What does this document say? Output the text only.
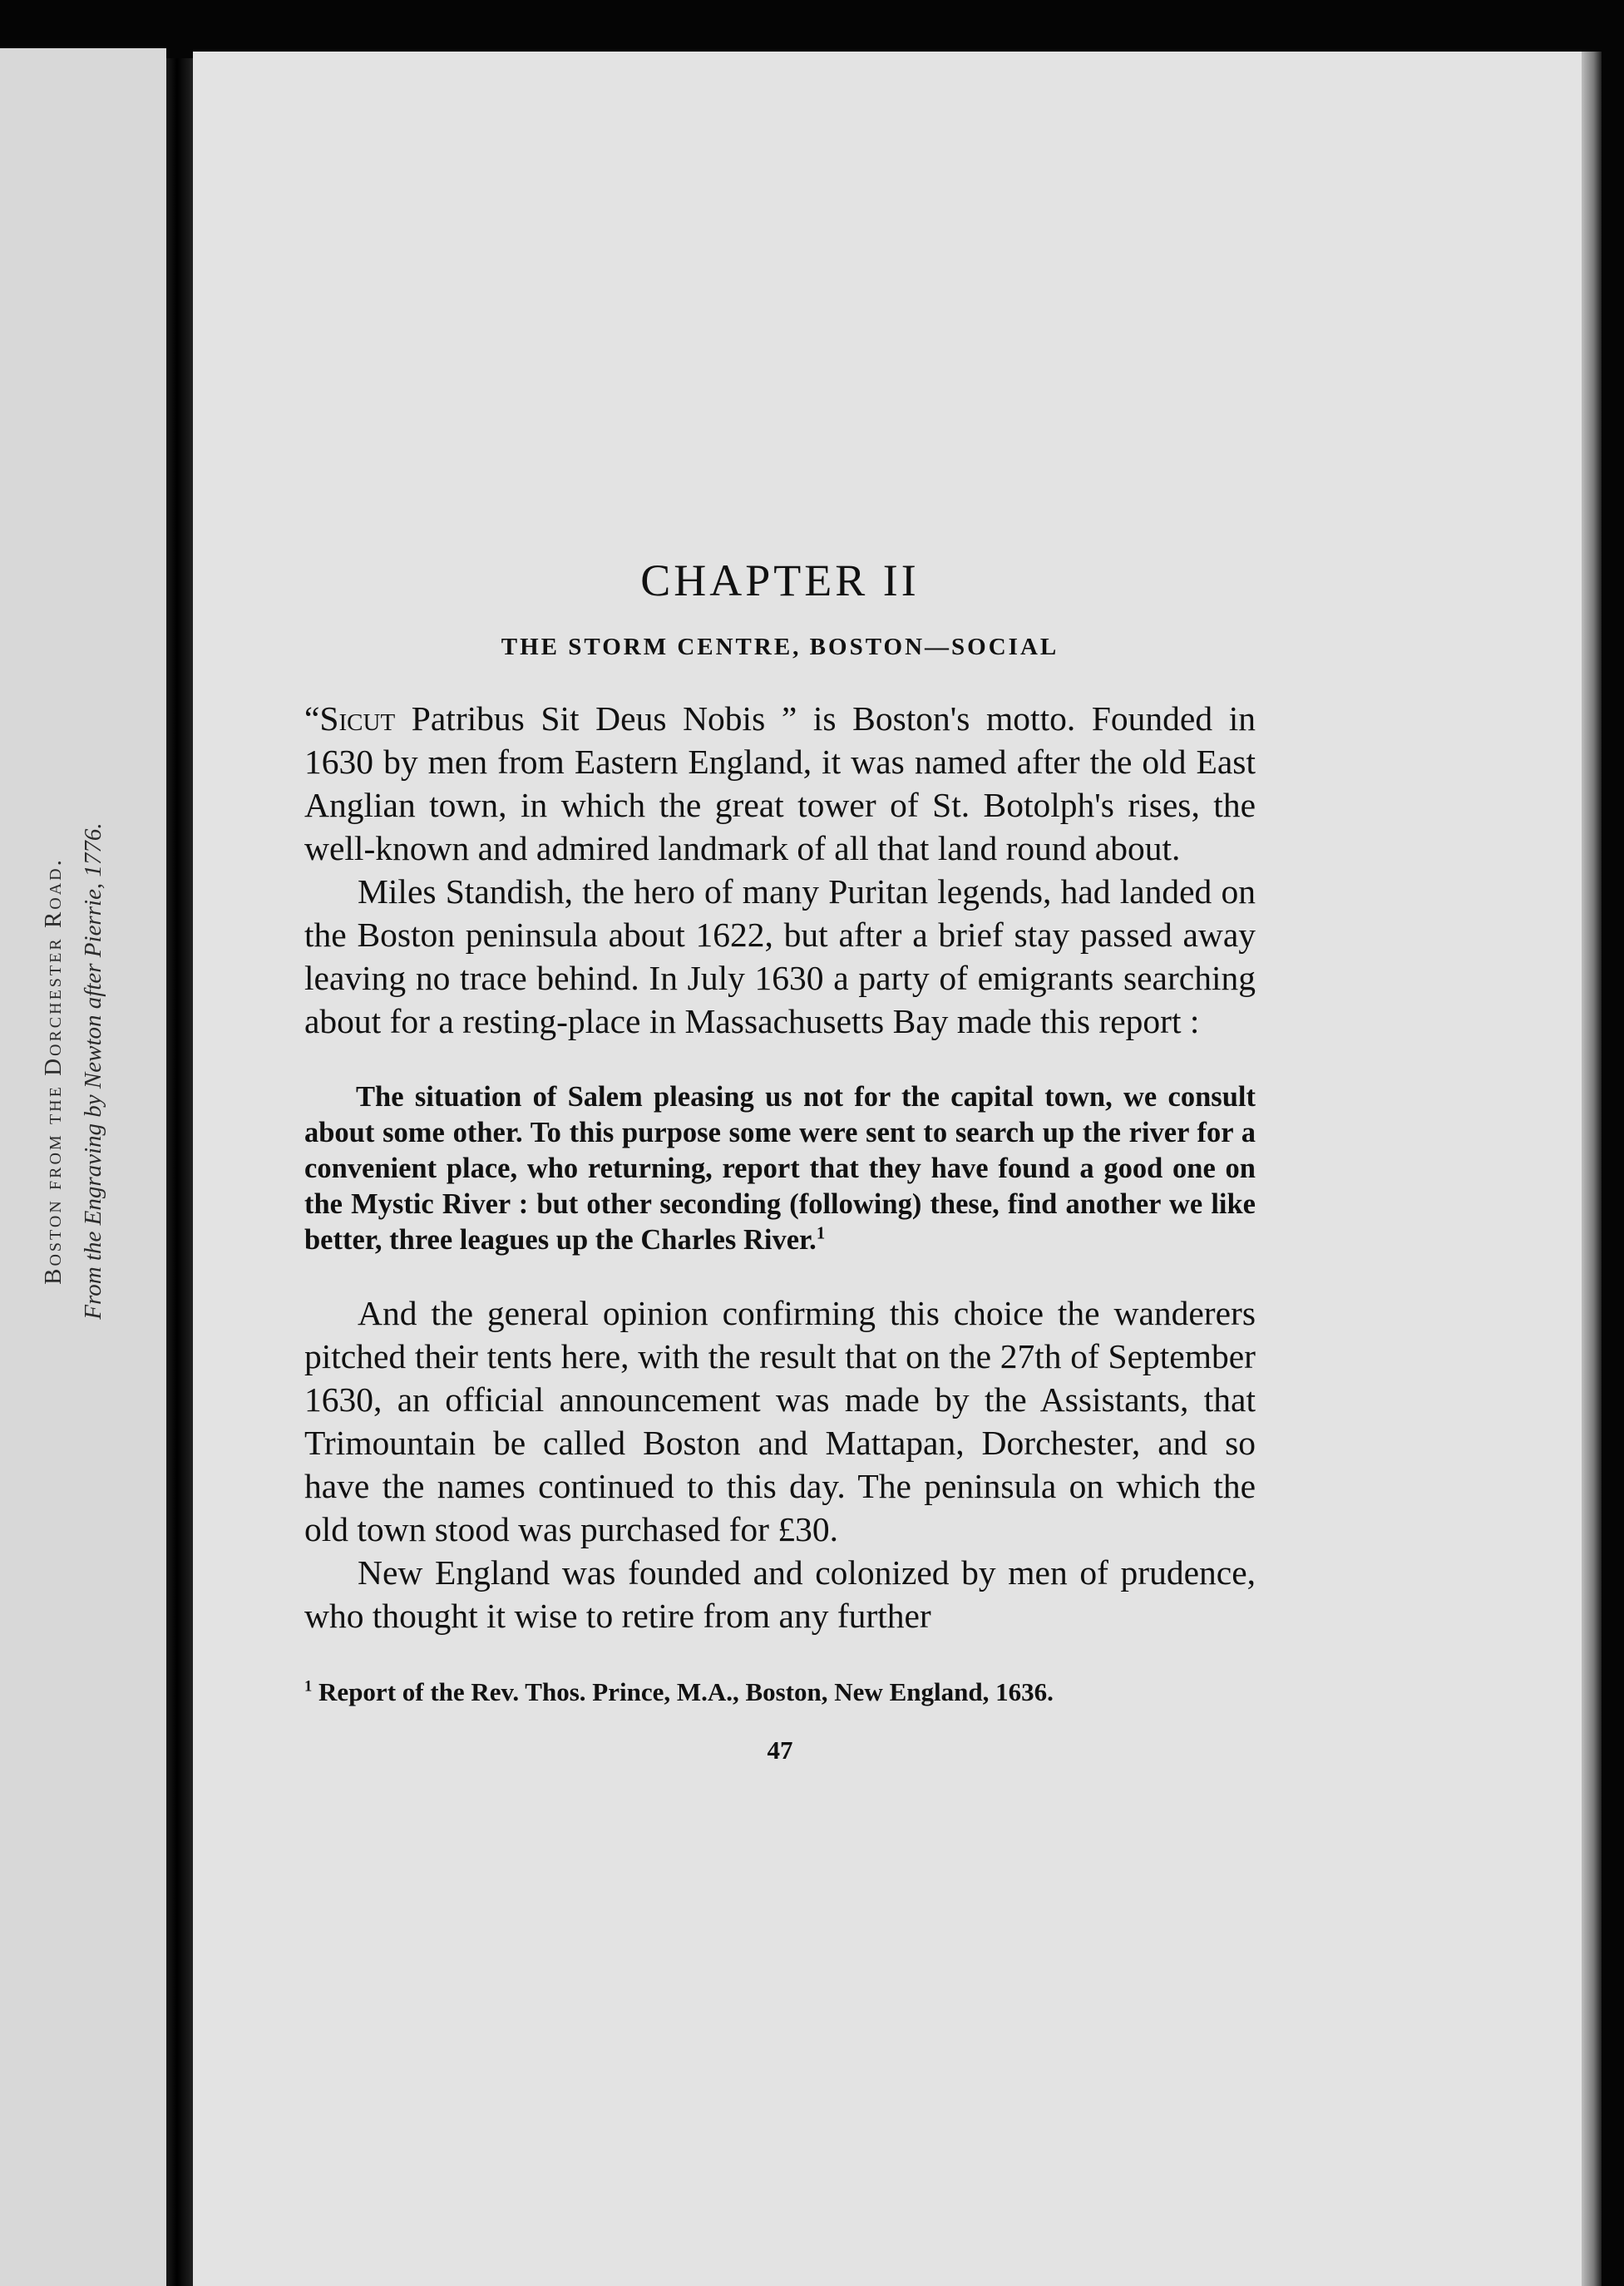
Boston from the Dorchester Road. From the Engraving by Newton after Pierrie, 1776.
CHAPTER II
THE STORM CENTRE, BOSTON—SOCIAL

“Sicut Patribus Sit Deus Nobis ” is Boston's motto. Founded in 1630 by men from Eastern England, it was named after the old East Anglian town, in which the great tower of St. Botolph's rises, the well-known and admired landmark of all that land round about.

Miles Standish, the hero of many Puritan legends, had landed on the Boston peninsula about 1622, but after a brief stay passed away leaving no trace behind. In July 1630 a party of emigrants searching about for a resting-place in Massachusetts Bay made this report :

The situation of Salem pleasing us not for the capital town, we consult about some other. To this purpose some were sent to search up the river for a convenient place, who returning, report that they have found a good one on the Mystic River : but other seconding (following) these, find another we like better, three leagues up the Charles River.$^1$

And the general opinion confirming this choice the wanderers pitched their tents here, with the result that on the 27th of September 1630, an official announcement was made by the Assistants, that Trimountain be called Boston and Mattapan, Dorchester, and so have the names continued to this day. The peninsula on which the old town stood was purchased for £30.

New England was founded and colonized by men of prudence, who thought it wise to retire from any further

$^1$ Report of the Rev. Thos. Prince, M.A., Boston, New England, 1636.

47
